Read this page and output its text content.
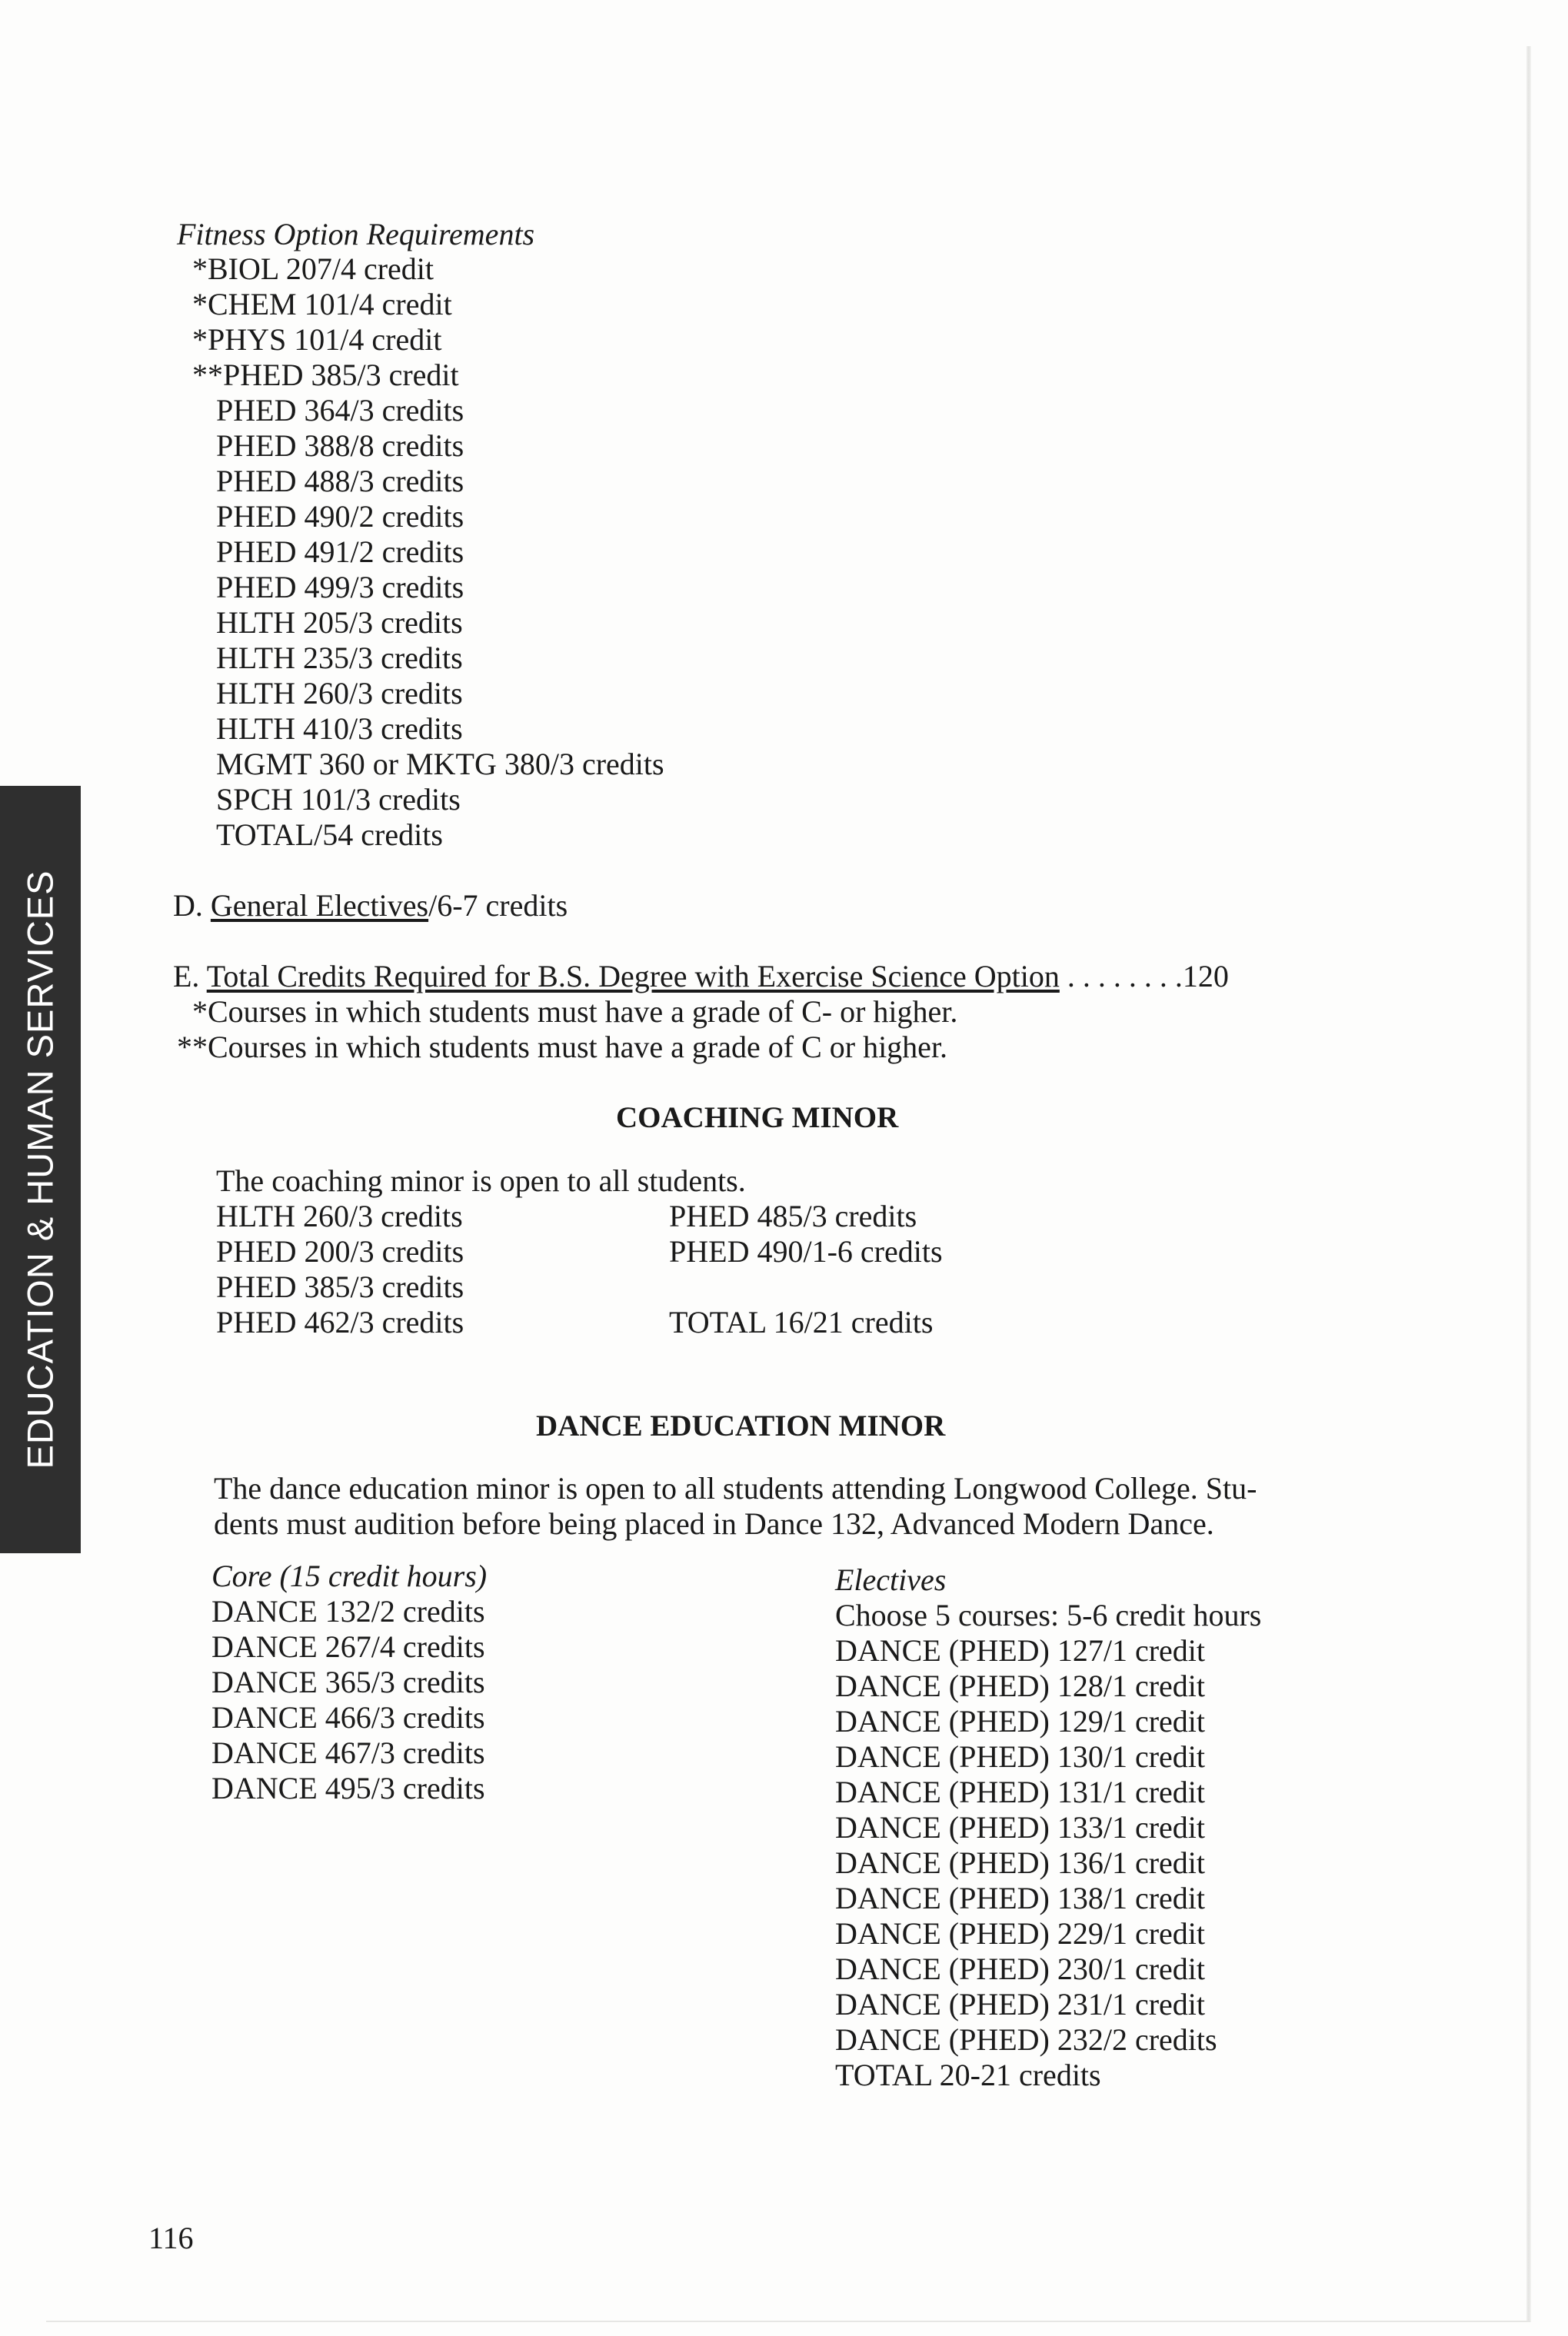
EDUCATION & HUMAN SERVICES
Fitness Option Requirements
*BIOL 207/4 credit
*CHEM 101/4 credit
*PHYS 101/4 credit
**PHED 385/3 credit
PHED 364/3 credits
PHED 388/8 credits
PHED 488/3 credits
PHED 490/2 credits
PHED 491/2 credits
PHED 499/3 credits
HLTH 205/3 credits
HLTH 235/3 credits
HLTH 260/3 credits
HLTH 410/3 credits
MGMT 360 or MKTG 380/3 credits
SPCH 101/3 credits
TOTAL/54 credits
D. General Electives/6-7 credits
E. Total Credits Required for B.S. Degree with Exercise Science Option . . . . . . . .120
*Courses in which students must have a grade of C- or higher.
**Courses in which students must have a grade of C or higher.
COACHING MINOR
The coaching minor is open to all students.
HLTH 260/3 credits
PHED 200/3 credits
PHED 385/3 credits
PHED 462/3 credits
PHED 485/3 credits
PHED 490/1-6 credits
TOTAL 16/21 credits
DANCE EDUCATION MINOR
The dance education minor is open to all students attending Longwood College. Stu-
dents must audition before being placed in Dance 132, Advanced Modern Dance.
Core (15 credit hours)
DANCE 132/2 credits
DANCE 267/4 credits
DANCE 365/3 credits
DANCE 466/3 credits
DANCE 467/3 credits
DANCE 495/3 credits
Electives
Choose 5 courses: 5-6 credit hours
DANCE (PHED) 127/1 credit
DANCE (PHED) 128/1 credit
DANCE (PHED) 129/1 credit
DANCE (PHED) 130/1 credit
DANCE (PHED) 131/1 credit
DANCE (PHED) 133/1 credit
DANCE (PHED) 136/1 credit
DANCE (PHED) 138/1 credit
DANCE (PHED) 229/1 credit
DANCE (PHED) 230/1 credit
DANCE (PHED) 231/1 credit
DANCE (PHED) 232/2 credits
TOTAL 20-21 credits
116
